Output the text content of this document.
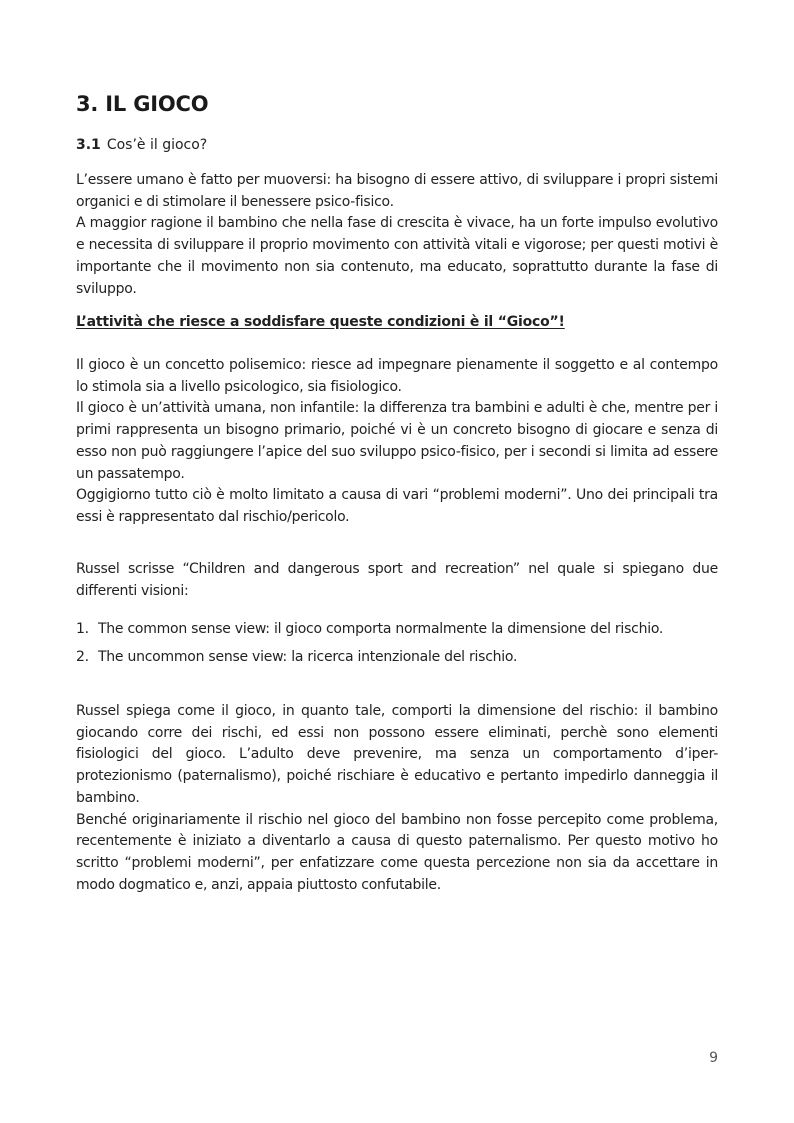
3. IL GIOCO
3.1 Cos’è il gioco?

L’essere umano è fatto per muoversi: ha bisogno di essere attivo, di sviluppare i propri sistemi organici e di stimolare il benessere psico-fisico.

A maggior ragione il bambino che nella fase di crescita è vivace, ha un forte impulso evolutivo e necessita di sviluppare il proprio movimento con attività vitali e vigorose; per questi motivi è importante che il movimento non sia contenuto, ma educato, soprattutto durante la fase di sviluppo.

L’attività che riesce a soddisfare queste condizioni è il “Gioco”!

Il gioco è un concetto polisemico: riesce ad impegnare pienamente il soggetto e al contempo lo stimola sia a livello psicologico, sia fisiologico.

Il gioco è un’attività umana, non infantile: la differenza tra bambini e adulti è che, mentre per i primi rappresenta un bisogno primario, poiché vi è un concreto bisogno di giocare e senza di esso non può raggiungere l’apice del suo sviluppo psico-fisico, per i secondi si limita ad essere un passatempo.

Oggigiorno tutto ciò è molto limitato a causa di vari “problemi moderni”. Uno dei principali tra essi è rappresentato dal rischio/pericolo.

Russel scrisse “Children and dangerous sport and recreation” nel quale si spiegano due differenti visioni:

1. The common sense view: il gioco comporta normalmente la dimensione del rischio.
2. The uncommon sense view: la ricerca intenzionale del rischio.

Russel spiega come il gioco, in quanto tale, comporti la dimensione del rischio: il bambino giocando corre dei rischi, ed essi non possono essere eliminati, perchè sono elementi fisiologici del gioco. L’adulto deve prevenire, ma senza un comportamento d’iper-protezionismo (paternalismo), poiché rischiare è educativo e pertanto impedirlo danneggia il bambino.

Benché originariamente il rischio nel gioco del bambino non fosse percepito come problema, recentemente è iniziato a diventarlo a causa di questo paternalismo. Per questo motivo ho scritto “problemi moderni”, per enfatizzare come questa percezione non sia da accettare in modo dogmatico e, anzi, appaia piuttosto confutabile.

9
